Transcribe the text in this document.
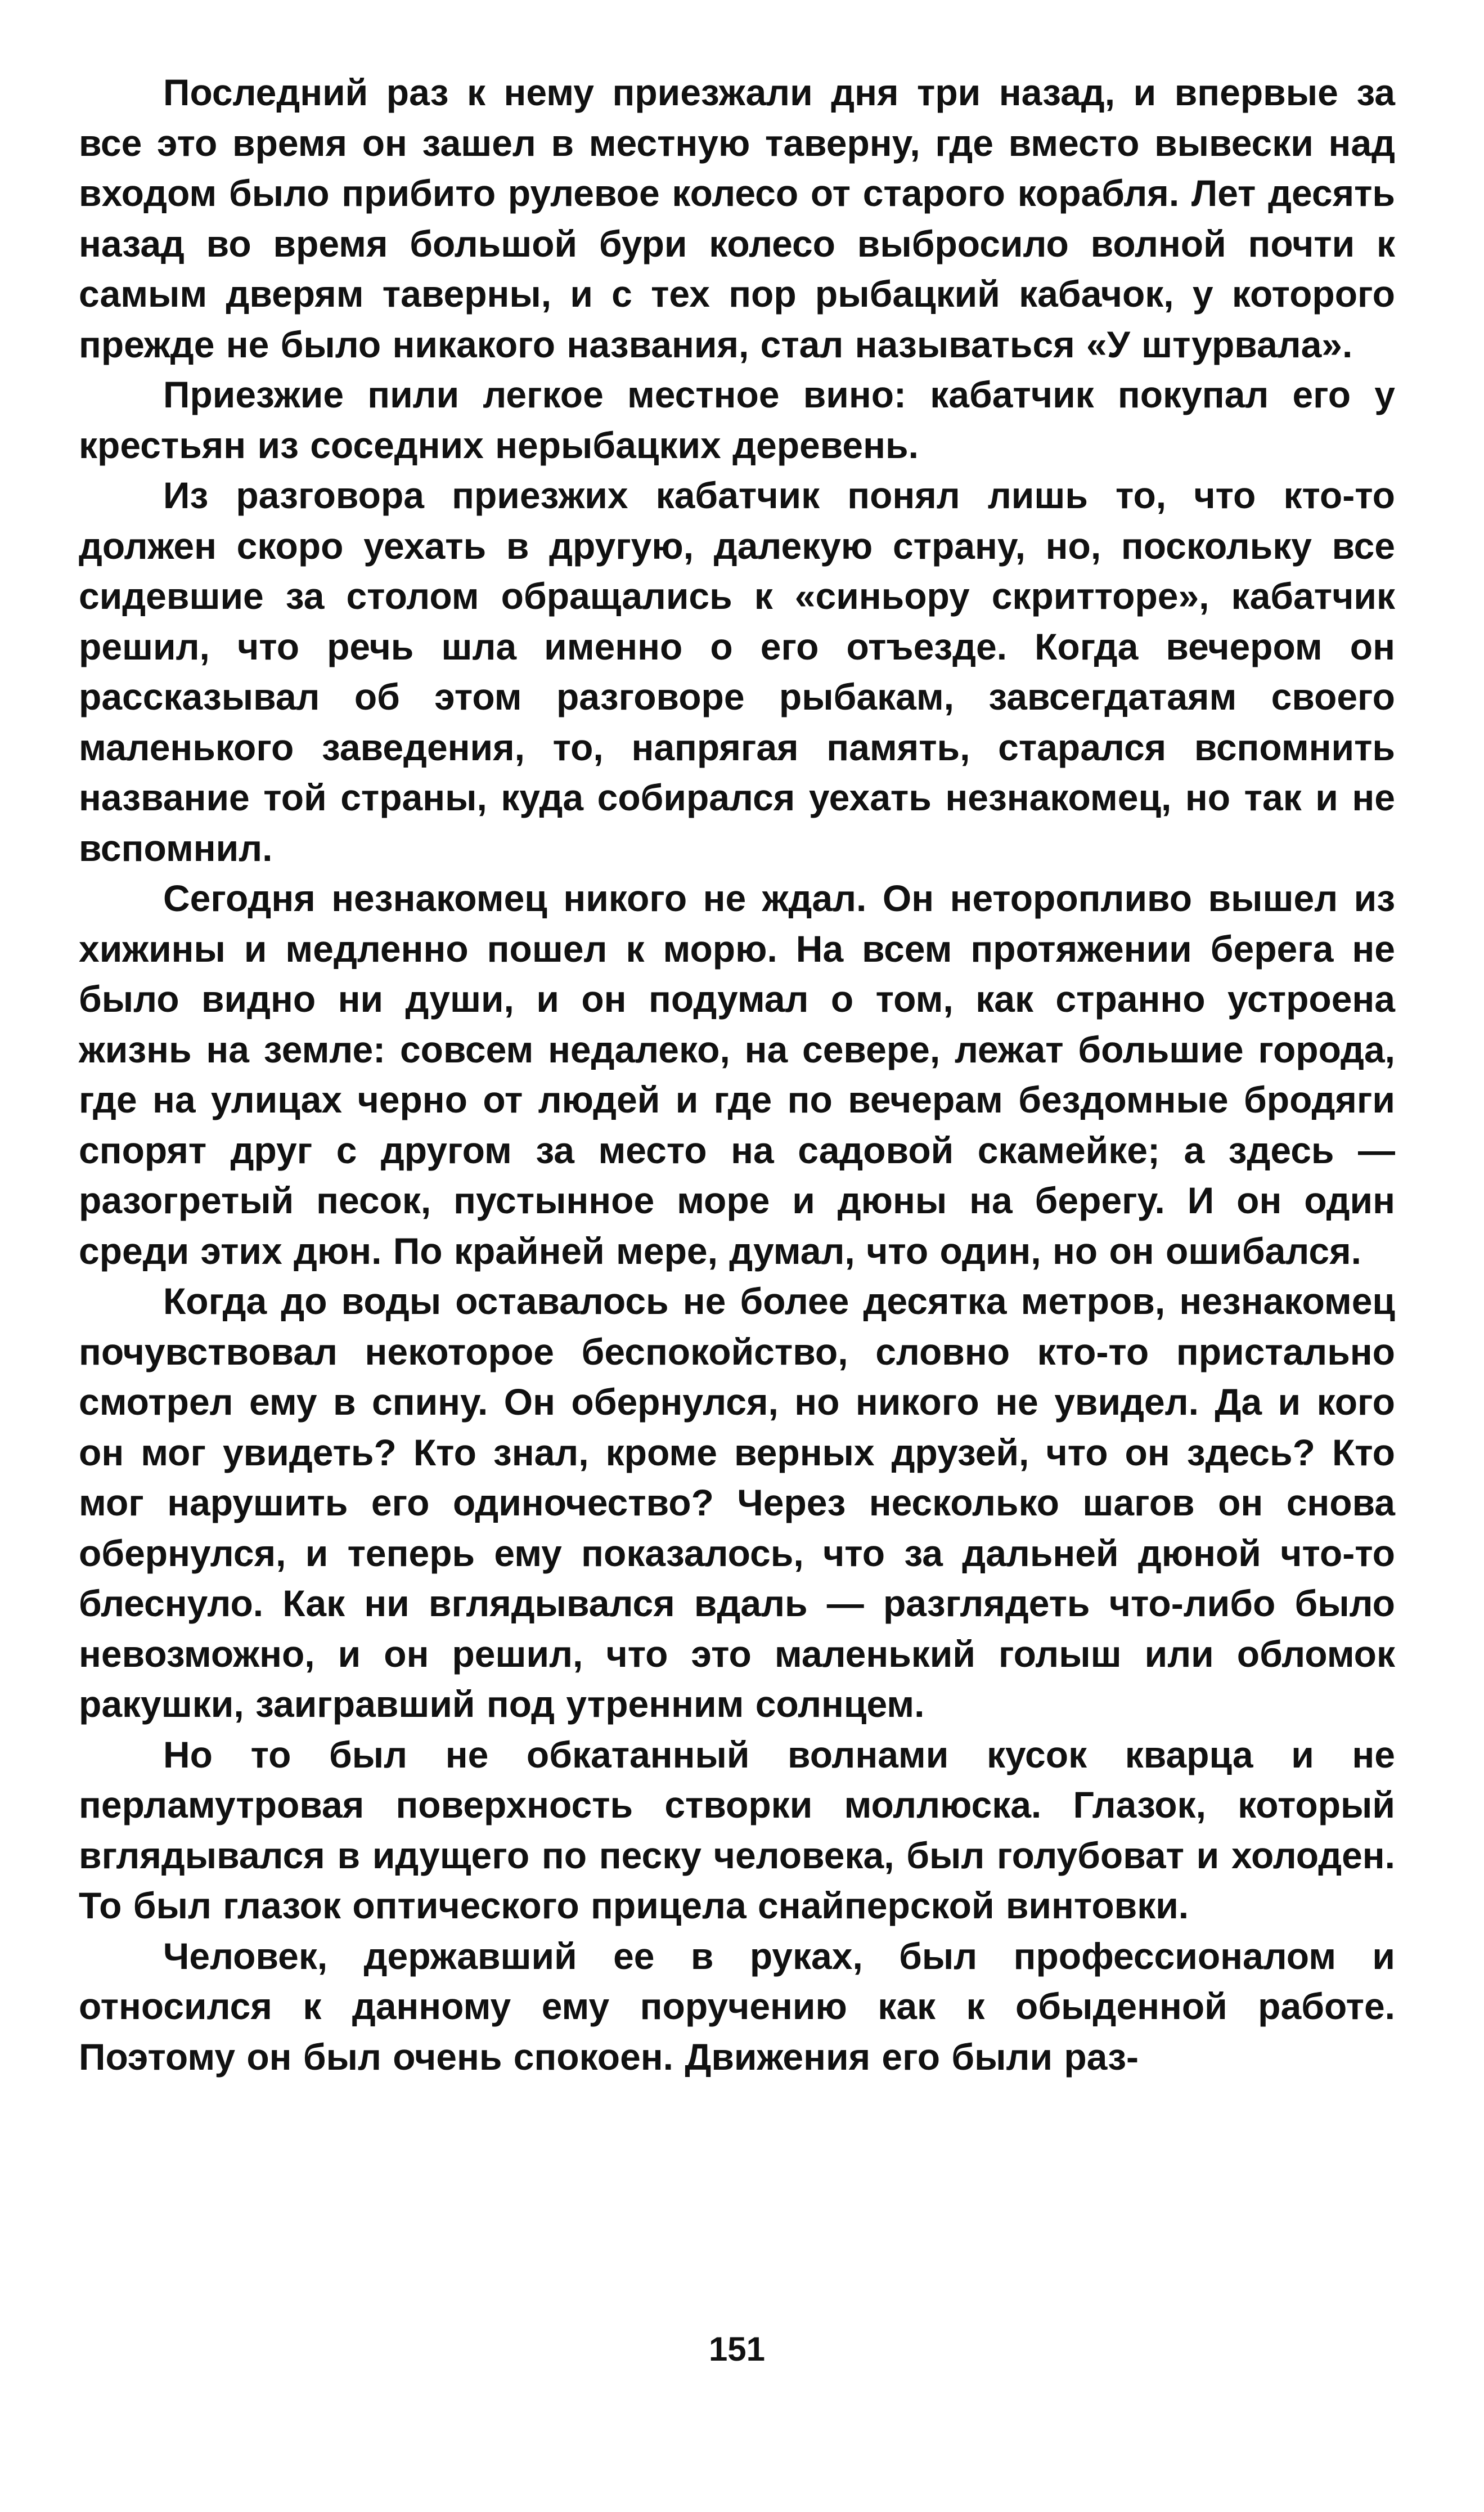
Последний раз к нему приезжали дня три назад, и впервые за все это время он зашел в местную таверну, где вместо вывески над входом было прибито рулевое колесо от старого корабля. Лет десять назад во время большой бури колесо выбросило волной почти к самым дверям таверны, и с тех пор рыбацкий кабачок, у которого прежде не было никакого названия, стал называться «У штурвала».

Приезжие пили легкое местное вино: кабатчик покупал его у крестьян из соседних нерыбацких деревень.

Из разговора приезжих кабатчик понял лишь то, что кто-то должен скоро уехать в другую, далекую страну, но, поскольку все сидевшие за столом обращались к «синьору скритторе», кабатчик решил, что речь шла именно о его отъезде. Когда вечером он рассказывал об этом разговоре рыбакам, завсегдатаям своего маленького заведения, то, напрягая память, старался вспомнить название той страны, куда собирался уехать незнакомец, но так и не вспомнил.

Сегодня незнакомец никого не ждал. Он неторопливо вышел из хижины и медленно пошел к морю. На всем протяжении берега не было видно ни души, и он подумал о том, как странно устроена жизнь на земле: совсем недалеко, на севере, лежат большие города, где на улицах черно от людей и где по вечерам бездомные бродяги спорят друг с другом за место на садовой скамейке; а здесь — разогретый песок, пустынное море и дюны на берегу. И он один среди этих дюн. По крайней мере, думал, что один, но он ошибался.

Когда до воды оставалось не более десятка метров, незнакомец почувствовал некоторое беспокойство, словно кто-то пристально смотрел ему в спину. Он обернулся, но никого не увидел. Да и кого он мог увидеть? Кто знал, кроме верных друзей, что он здесь? Кто мог нарушить его одиночество? Через несколько шагов он снова обернулся, и теперь ему показалось, что за дальней дюной что-то блеснуло. Как ни вглядывался вдаль — разглядеть что-либо было невозможно, и он решил, что это маленький голыш или обломок ракушки, заигравший под утренним солнцем.

Но то был не обкатанный волнами кусок кварца и не перламутровая поверхность створки моллюска. Глазок, который вглядывался в идущего по песку человека, был голубоват и холоден. То был глазок оптического прицела снайперской винтовки.

Человек, державший ее в руках, был профессионалом и относился к данному ему поручению как к обыденной работе. Поэтому он был очень спокоен. Движения его были раз-

151
